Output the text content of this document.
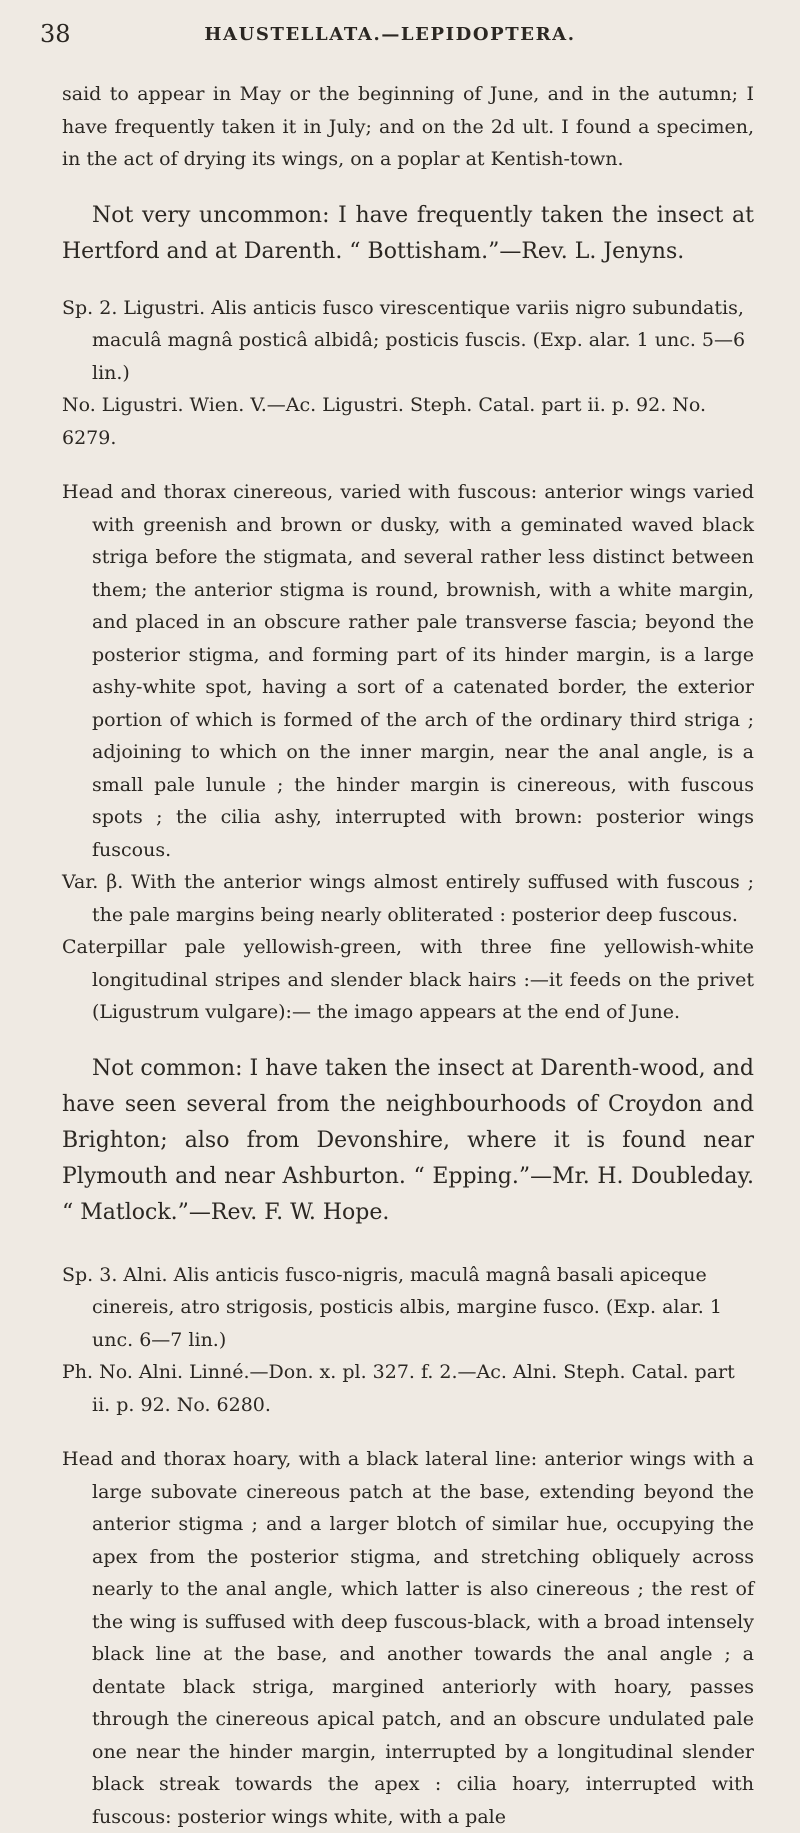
38	HAUSTELLATA.—LEPIDOPTERA.

said to appear in May or the beginning of June, and in the autumn; I have frequently taken it in July; and on the 2d ult. I found a specimen, in the act of drying its wings, on a poplar at Kentish-town.

Not very uncommon: I have frequently taken the insect at Hertford and at Darenth. “ Bottisham.”—Rev. L. Jenyns.

Sp. 2. Ligustri. Alis anticis fusco virescentique variis nigro subundatis, maculâ magnâ posticâ albidâ; posticis fuscis. (Exp. alar. 1 unc. 5—6 lin.)

No. Ligustri. Wien. V.—Ac. Ligustri. Steph. Catal. part ii. p. 92. No. 6279.

Head and thorax cinereous, varied with fuscous: anterior wings varied with greenish and brown or dusky, with a geminated waved black striga before the stigmata, and several rather less distinct between them; the anterior stigma is round, brownish, with a white margin, and placed in an obscure rather pale transverse fascia; beyond the posterior stigma, and forming part of its hinder margin, is a large ashy-white spot, having a sort of a catenated border, the exterior portion of which is formed of the arch of the ordinary third striga ; adjoining to which on the inner margin, near the anal angle, is a small pale lunule ; the hinder margin is cinereous, with fuscous spots ; the cilia ashy, interrupted with brown: posterior wings fuscous.

Var. β. With the anterior wings almost entirely suffused with fuscous ; the pale margins being nearly obliterated : posterior deep fuscous.

Caterpillar pale yellowish-green, with three fine yellowish-white longitudinal stripes and slender black hairs :—it feeds on the privet (Ligustrum vulgare):— the imago appears at the end of June.

Not common: I have taken the insect at Darenth-wood, and have seen several from the neighbourhoods of Croydon and Brighton; also from Devonshire, where it is found near Plymouth and near Ashburton. “ Epping.”—Mr. H. Doubleday. “ Matlock.”—Rev. F. W. Hope.

Sp. 3. Alni. Alis anticis fusco-nigris, maculâ magnâ basali apiceque cinereis, atro strigosis, posticis albis, margine fusco. (Exp. alar. 1 unc. 6—7 lin.)

Ph. No. Alni. Linné.—Don. x. pl. 327. f. 2.—Ac. Alni. Steph. Catal. part ii. p. 92. No. 6280.

Head and thorax hoary, with a black lateral line: anterior wings with a large subovate cinereous patch at the base, extending beyond the anterior stigma ; and a larger blotch of similar hue, occupying the apex from the posterior stigma, and stretching obliquely across nearly to the anal angle, which latter is also cinereous ; the rest of the wing is suffused with deep fuscous-black, with a broad intensely black line at the base, and another towards the anal angle ; a dentate black striga, margined anteriorly with hoary, passes through the cinereous apical patch, and an obscure undulated pale one near the hinder margin, interrupted by a longitudinal slender black streak towards the apex : cilia hoary, interrupted with fuscous: posterior wings white, with a pale
